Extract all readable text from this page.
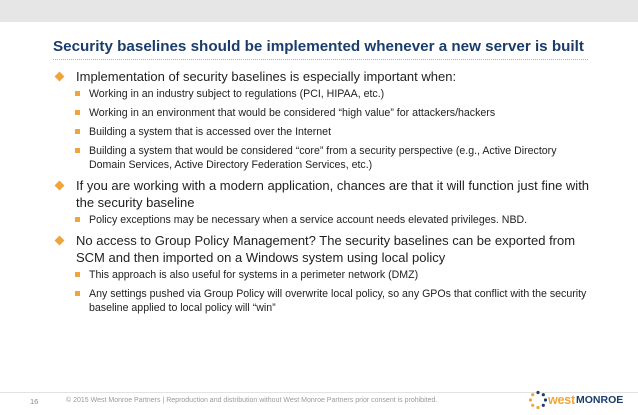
Security baselines should be implemented whenever a new server is built
Implementation of security baselines is especially important when:
Working in an industry subject to regulations (PCI, HIPAA, etc.)
Working in an environment that would be considered “high value” for attackers/hackers
Building a system that is accessed over the Internet
Building a system that would be considered “core” from a security perspective (e.g., Active Directory Domain Services, Active Directory Federation Services, etc.)
If you are working with a modern application, chances are that it will function just fine with the security baseline
Policy exceptions may be necessary when a service account needs elevated privileges. NBD.
No access to Group Policy Management? The security baselines can be exported from SCM and then imported on a Windows system using local policy
This approach is also useful for systems in a perimeter network (DMZ)
Any settings pushed via Group Policy will overwrite local policy, so any GPOs that conflict with the security baseline applied to local policy will “win”
16	© 2015 West Monroe Partners | Reproduction and distribution without West Monroe Partners prior consent is prohibited.	west MONROE
